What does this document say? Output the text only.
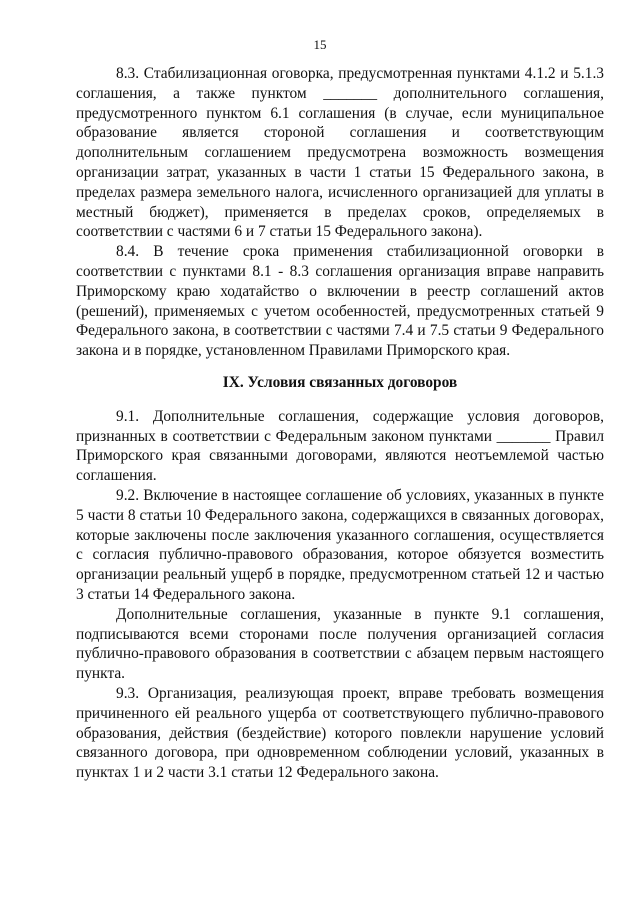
15

8.3. Стабилизационная оговорка, предусмотренная пунктами 4.1.2 и 5.1.3 соглашения, а также пунктом _______ дополнительного соглашения, предусмотренного пунктом 6.1 соглашения (в случае, если муниципальное образование является стороной соглашения и соответствующим дополнительным соглашением предусмотрена возможность возмещения организации затрат, указанных в части 1 статьи 15 Федерального закона, в пределах размера земельного налога, исчисленного организацией для уплаты в местный бюджет), применяется в пределах сроков, определяемых в соответствии с частями 6 и 7 статьи 15 Федерального закона).

8.4. В течение срока применения стабилизационной оговорки в соответствии с пунктами 8.1 - 8.3 соглашения организация вправе направить Приморскому краю ходатайство о включении в реестр соглашений актов (решений), применяемых с учетом особенностей, предусмотренных статьей 9 Федерального закона, в соответствии с частями 7.4 и 7.5 статьи 9 Федерального закона и в порядке, установленном Правилами Приморского края.

IX. Условия связанных договоров

9.1. Дополнительные соглашения, содержащие условия договоров, признанных в соответствии с Федеральным законом пунктами _______ Правил Приморского края связанными договорами, являются неотъемлемой частью соглашения.

9.2. Включение в настоящее соглашение об условиях, указанных в пункте 5 части 8 статьи 10 Федерального закона, содержащихся в связанных договорах, которые заключены после заключения указанного соглашения, осуществляется с согласия публично-правового образования, которое обязуется возместить организации реальный ущерб в порядке, предусмотренном статьей 12 и частью 3 статьи 14 Федерального закона.

Дополнительные соглашения, указанные в пункте 9.1 соглашения, подписываются всеми сторонами после получения организацией согласия публично-правового образования в соответствии с абзацем первым настоящего пункта.

9.3. Организация, реализующая проект, вправе требовать возмещения причиненного ей реального ущерба от соответствующего публично-правового образования, действия (бездействие) которого повлекли нарушение условий связанного договора, при одновременном соблюдении условий, указанных в пунктах 1 и 2 части 3.1 статьи 12 Федерального закона.
